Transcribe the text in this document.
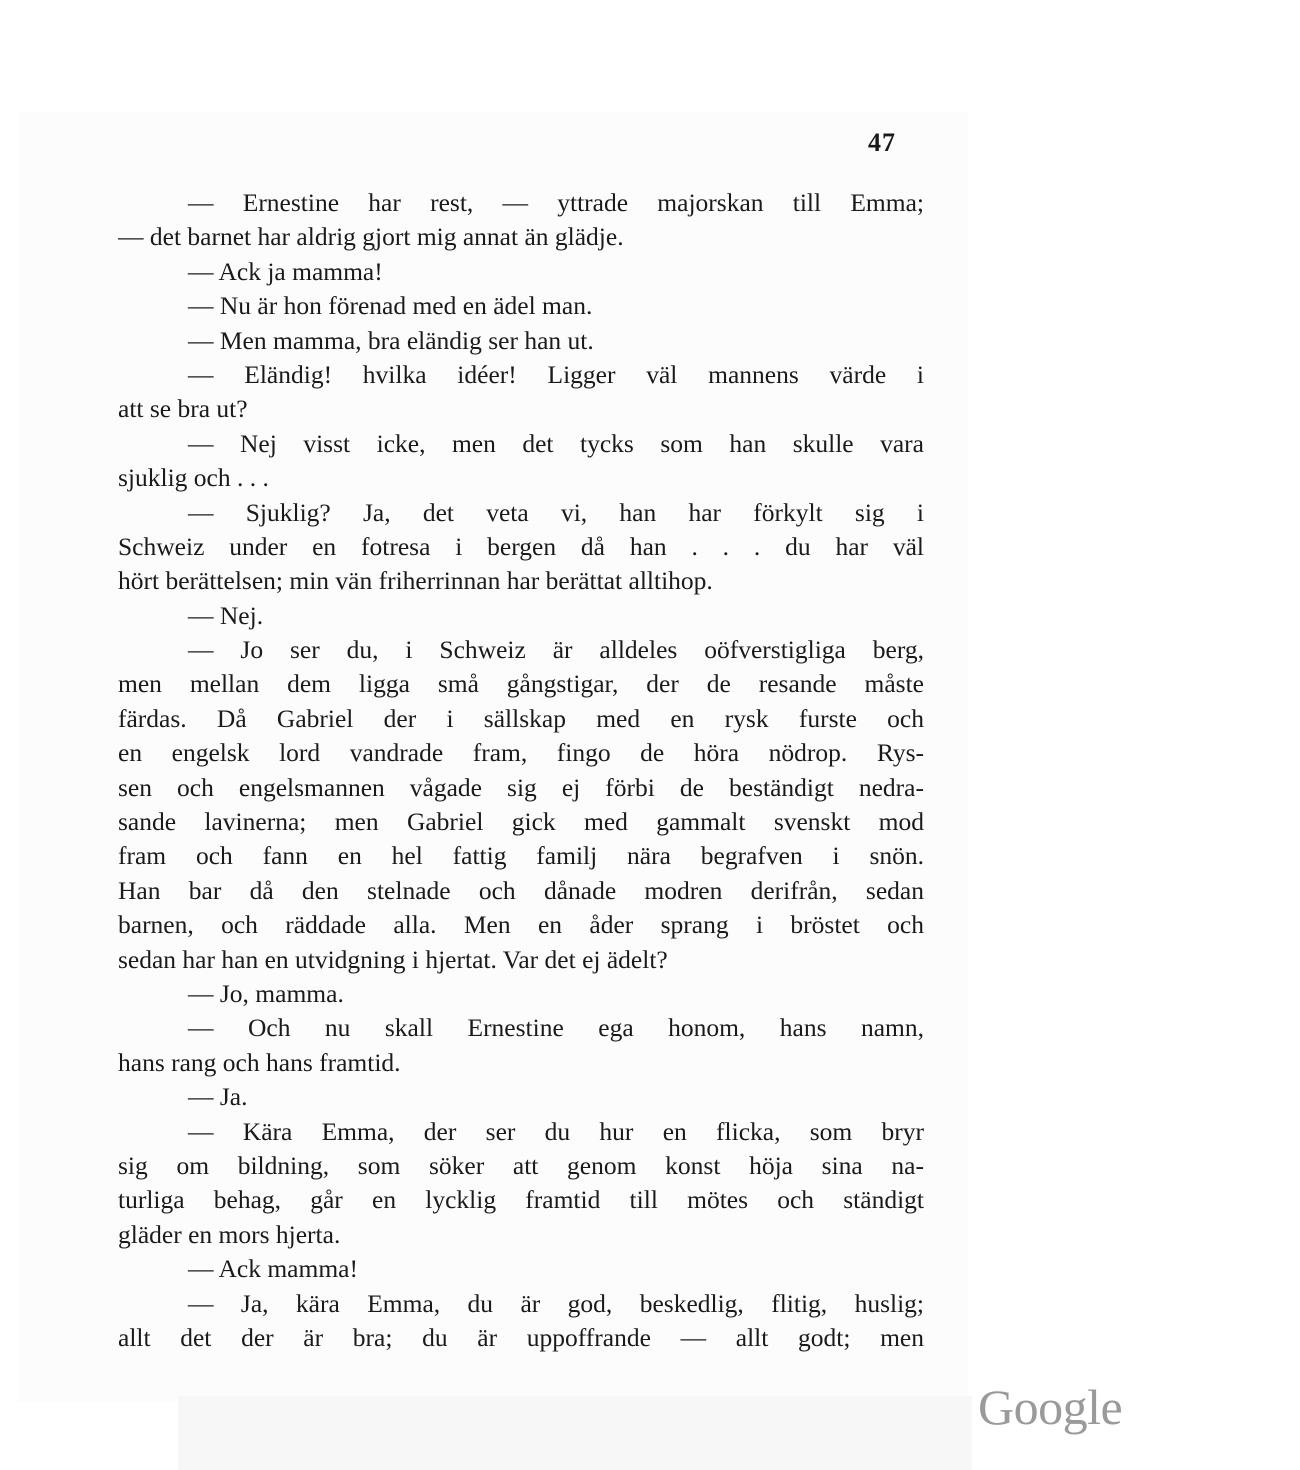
47
— Ernestine har rest, — yttrade majorskan till Emma;
— det barnet har aldrig gjort mig annat än glädje.
— Ack ja mamma!
— Nu är hon förenad med en ädel man.
— Men mamma, bra eländig ser han ut.
— Eländig! hvilka idéer! Ligger väl mannens värde i
att se bra ut?
— Nej visst icke, men det tycks som han skulle vara
sjuklig och . . .
— Sjuklig? Ja, det veta vi, han har förkylt sig i
Schweiz under en fotresa i bergen då han . . . du har väl
hört berättelsen; min vän friherrinnan har berättat alltihop.
— Nej.
— Jo ser du, i Schweiz är alldeles oöfverstigliga berg,
men mellan dem ligga små gångstigar, der de resande måste
färdas. Då Gabriel der i sällskap med en rysk furste och
en engelsk lord vandrade fram, fingo de höra nödrop. Rys-
sen och engelsmannen vågade sig ej förbi de beständigt nedra-
sande lavinerna; men Gabriel gick med gammalt svenskt mod
fram och fann en hel fattig familj nära begrafven i snön.
Han bar då den stelnade och dånade modren derifrån, sedan
barnen, och räddade alla. Men en åder sprang i bröstet och
sedan har han en utvidgning i hjertat. Var det ej ädelt?
— Jo, mamma.
— Och nu skall Ernestine ega honom, hans namn,
hans rang och hans framtid.
— Ja.
— Kära Emma, der ser du hur en flicka, som bryr
sig om bildning, som söker att genom konst höja sina na-
turliga behag, går en lycklig framtid till mötes och ständigt
gläder en mors hjerta.
— Ack mamma!
— Ja, kära Emma, du är god, beskedlig, flitig, huslig;
allt det der är bra; du är uppoffrande — allt godt; men
Google
